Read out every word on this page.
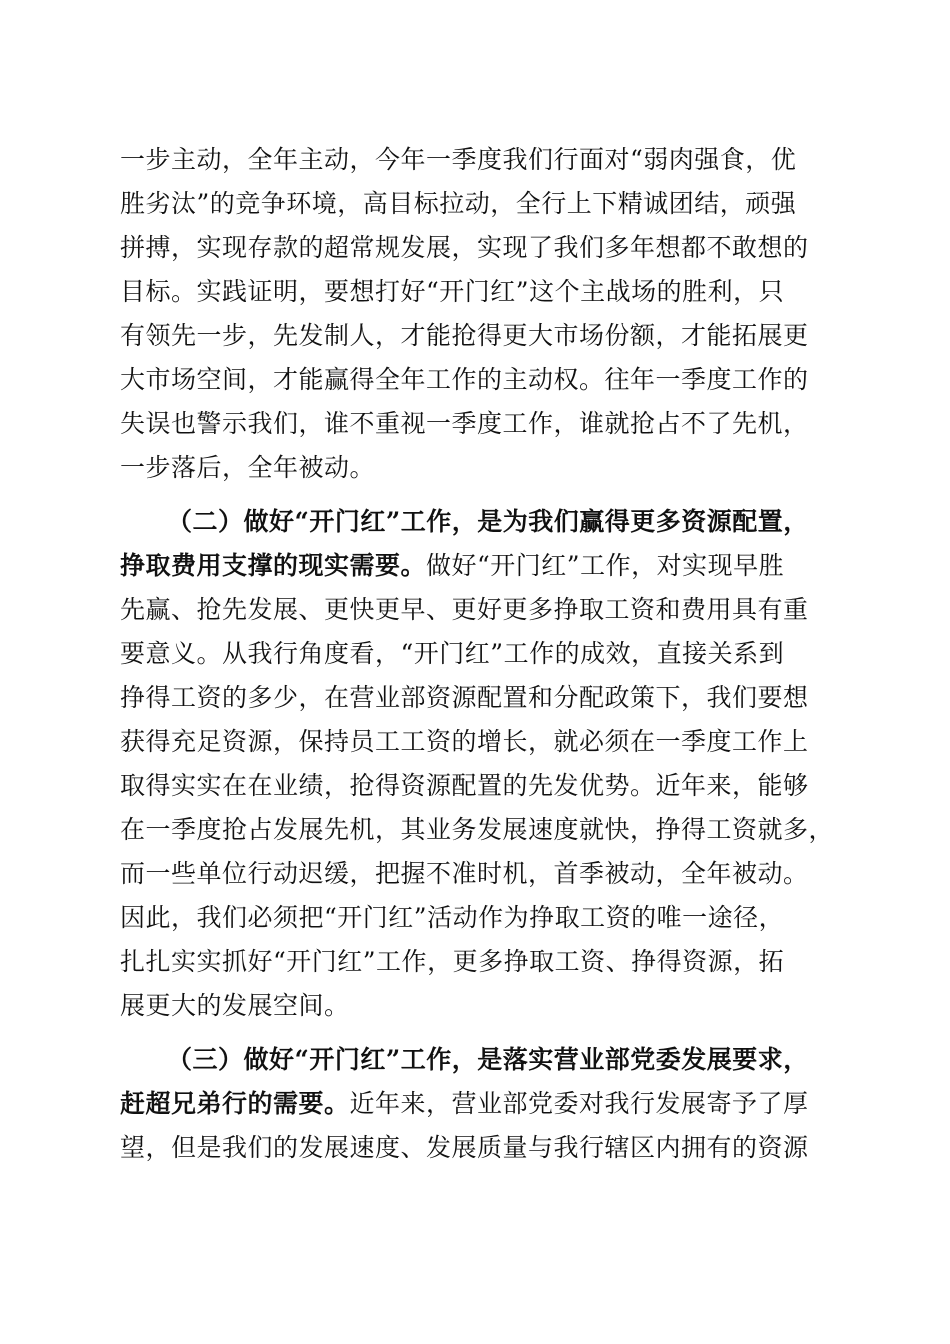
一步主动，全年主动，今年一季度我们行面对“弱肉强食，优
胜劣汰”的竞争环境，高目标拉动，全行上下精诚团结，顽强
拼搏，实现存款的超常规发展，实现了我们多年想都不敢想的
目标。实践证明，要想打好“开门红”这个主战场的胜利，只
有领先一步，先发制人，才能抢得更大市场份额，才能拓展更
大市场空间，才能赢得全年工作的主动权。往年一季度工作的
失误也警示我们，谁不重视一季度工作，谁就抢占不了先机，
一步落后，全年被动。
（二）做好“开门红”工作，是为我们赢得更多资源配置，
挣取费用支撑的现实需要。做好“开门红”工作，对实现早胜
先赢、抢先发展、更快更早、更好更多挣取工资和费用具有重
要意义。从我行角度看，“开门红”工作的成效，直接关系到
挣得工资的多少，在营业部资源配置和分配政策下，我们要想
获得充足资源，保持员工工资的增长，就必须在一季度工作上
取得实实在在业绩，抢得资源配置的先发优势。近年来，能够
在一季度抢占发展先机，其业务发展速度就快，挣得工资就多，
而一些单位行动迟缓，把握不准时机，首季被动，全年被动。
因此，我们必须把“开门红”活动作为挣取工资的唯一途径，
扎扎实实抓好“开门红”工作，更多挣取工资、挣得资源，拓
展更大的发展空间。
（三）做好“开门红”工作，是落实营业部党委发展要求，
赶超兄弟行的需要。近年来，营业部党委对我行发展寄予了厚
望，但是我们的发展速度、发展质量与我行辖区内拥有的资源
